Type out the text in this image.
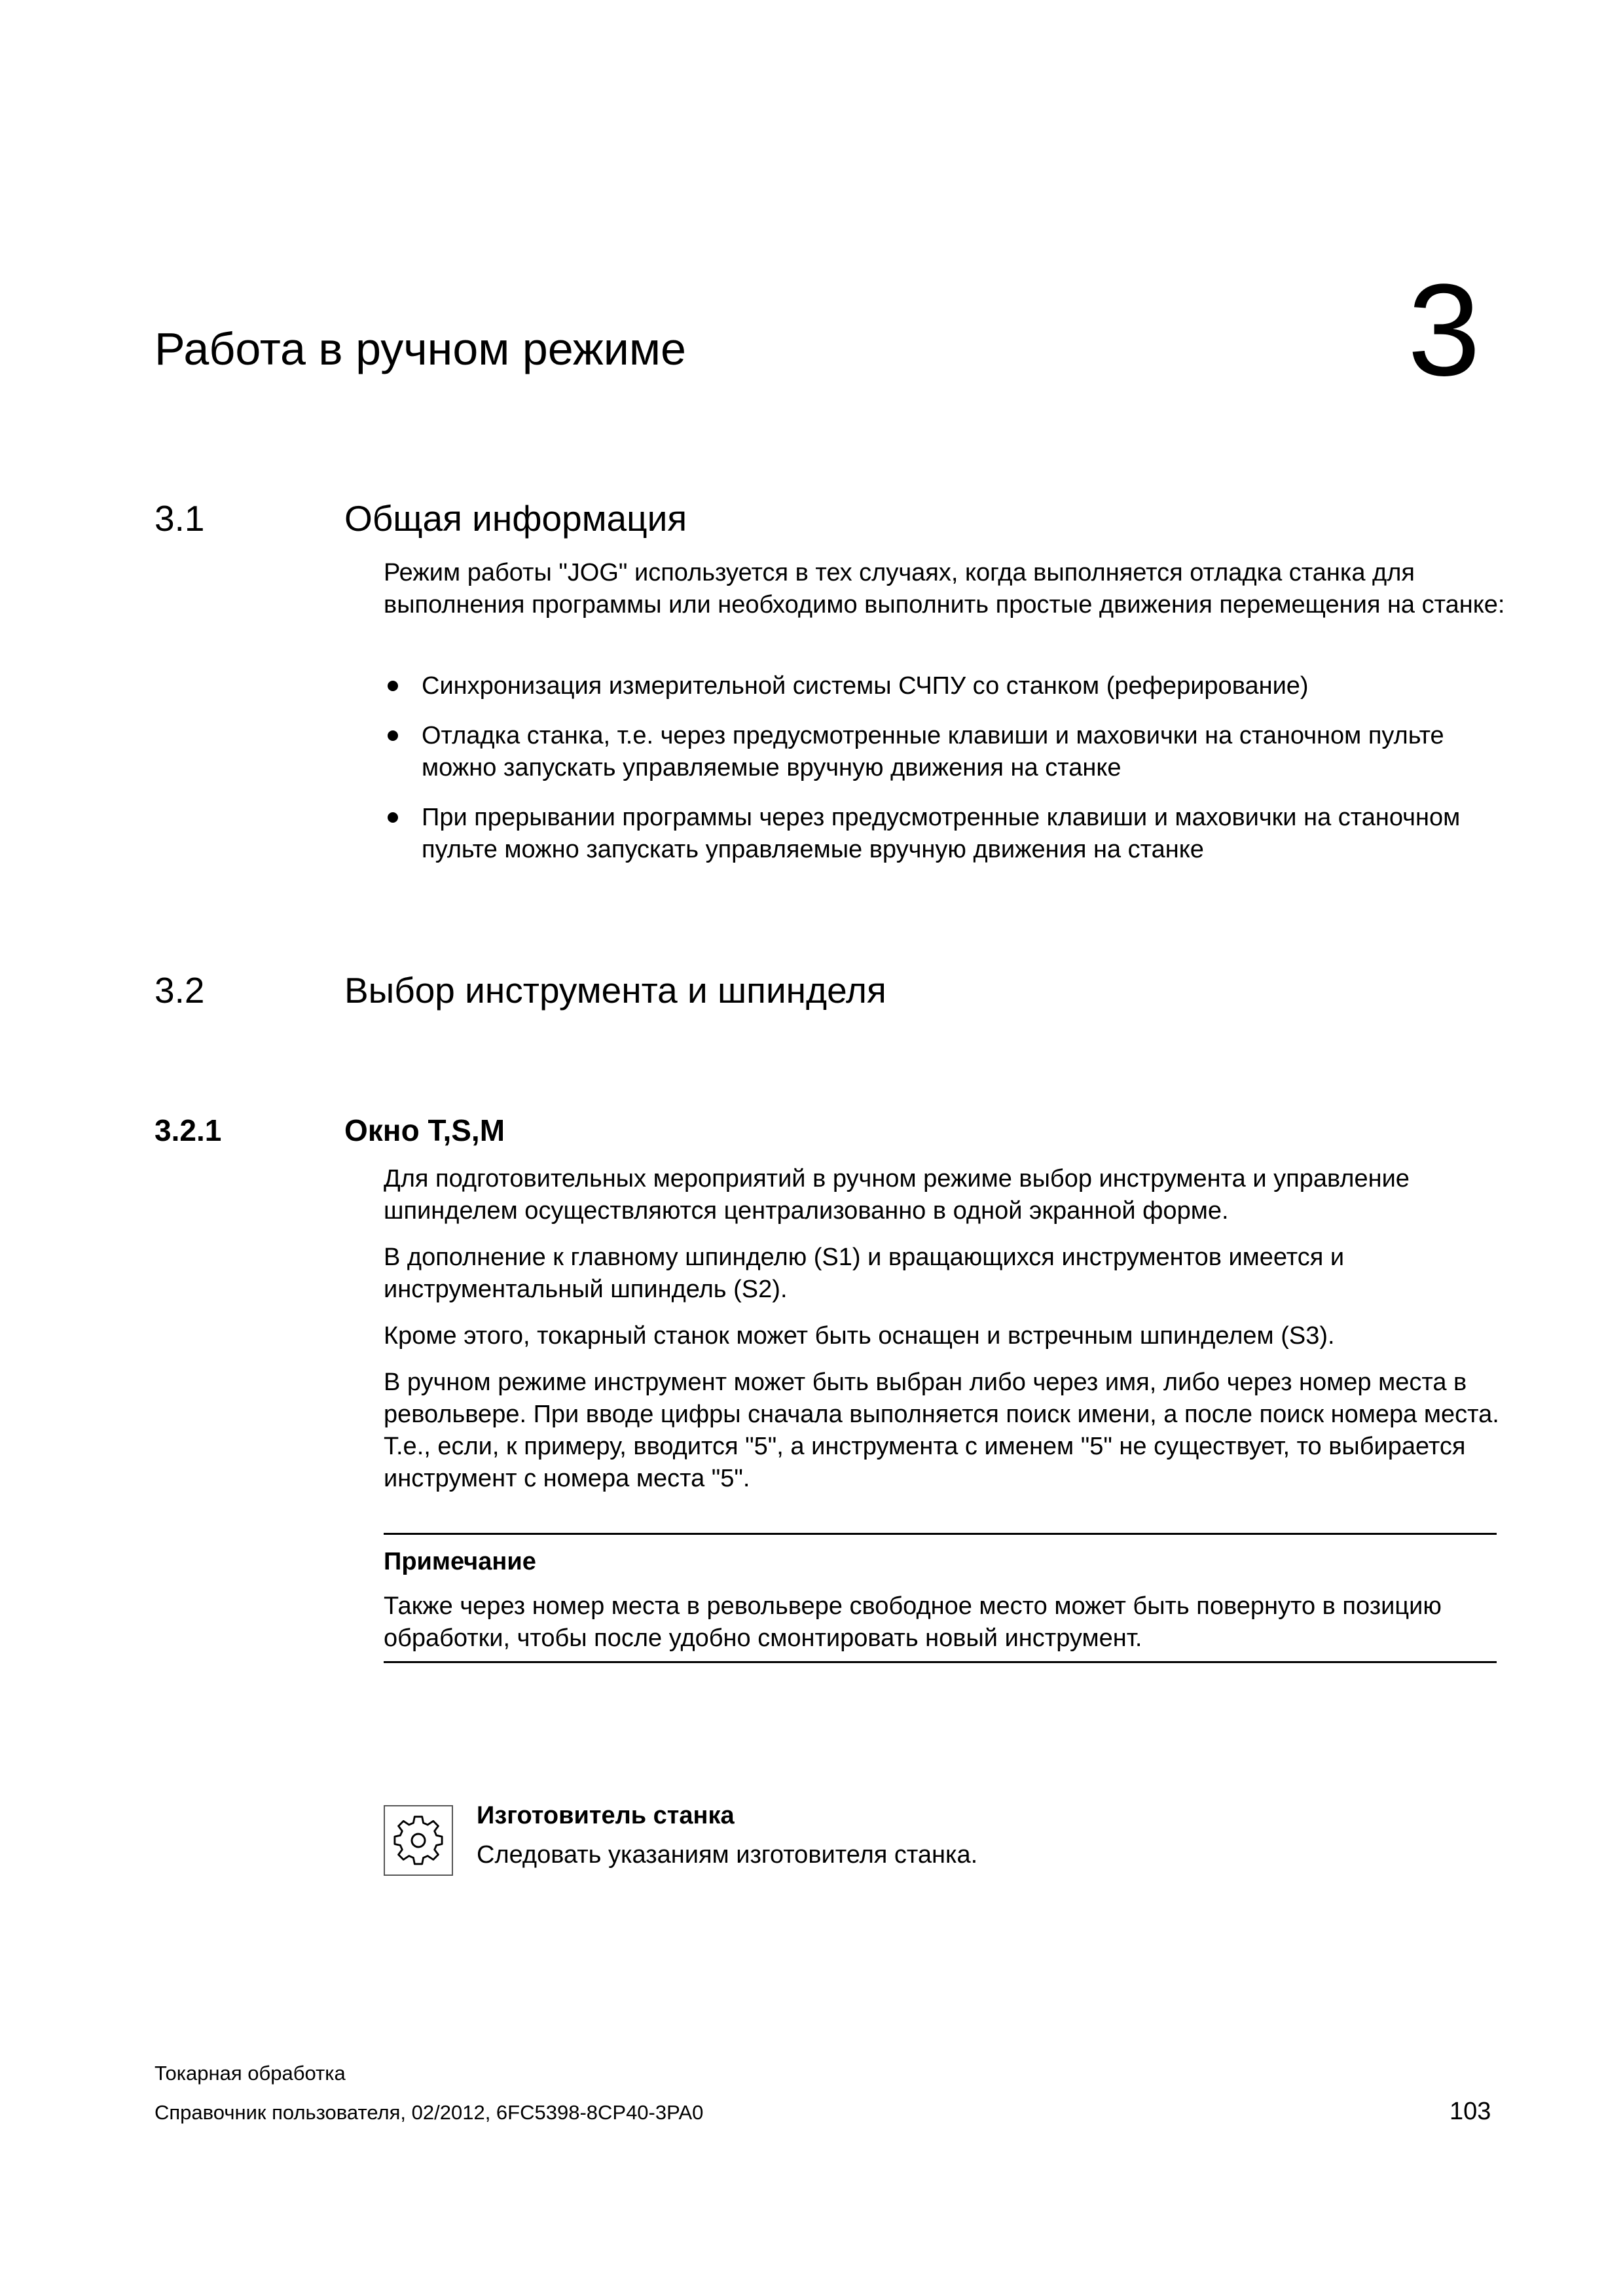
Работа в ручном режиме	3
3.1	Общая информация

Режим работы "JOG" используется в тех случаях, когда выполняется отладка станка для выполнения программы или необходимо выполнить простые движения перемещения на станке:

Синхронизация измерительной системы СЧПУ со станком (реферирование)
Отладка станка, т.е. через предусмотренные клавиши и маховички на станочном пульте можно запускать управляемые вручную движения на станке
При прерывании программы через предусмотренные клавиши и маховички на станочном пульте можно запускать управляемые вручную движения на станке
3.2	Выбор инструмента и шпинделя
3.2.1	Окно T,S,M

Для подготовительных мероприятий в ручном режиме выбор инструмента и управление шпинделем осуществляются централизованно в одной экранной форме.

В дополнение к главному шпинделю (S1) и вращающихся инструментов имеется и инструментальный шпиндель (S2).

Кроме этого, токарный станок может быть оснащен и встречным шпинделем (S3).

В ручном режиме инструмент может быть выбран либо через имя, либо через номер места в револьвере. При вводе цифры сначала выполняется поиск имени, а после поиск номера места. Т.е., если, к примеру, вводится "5", а инструмента с именем "5" не существует, то выбирается инструмент с номера места "5".

Примечание
Также через номер места в револьвере свободное место может быть повернуто в позицию обработки, чтобы после удобно смонтировать новый инструмент.
Изготовитель станка
Следовать указаниям изготовителя станка.
Токарная обработка
Справочник пользователя, 02/2012, 6FC5398-8CP40-3PA0	103
